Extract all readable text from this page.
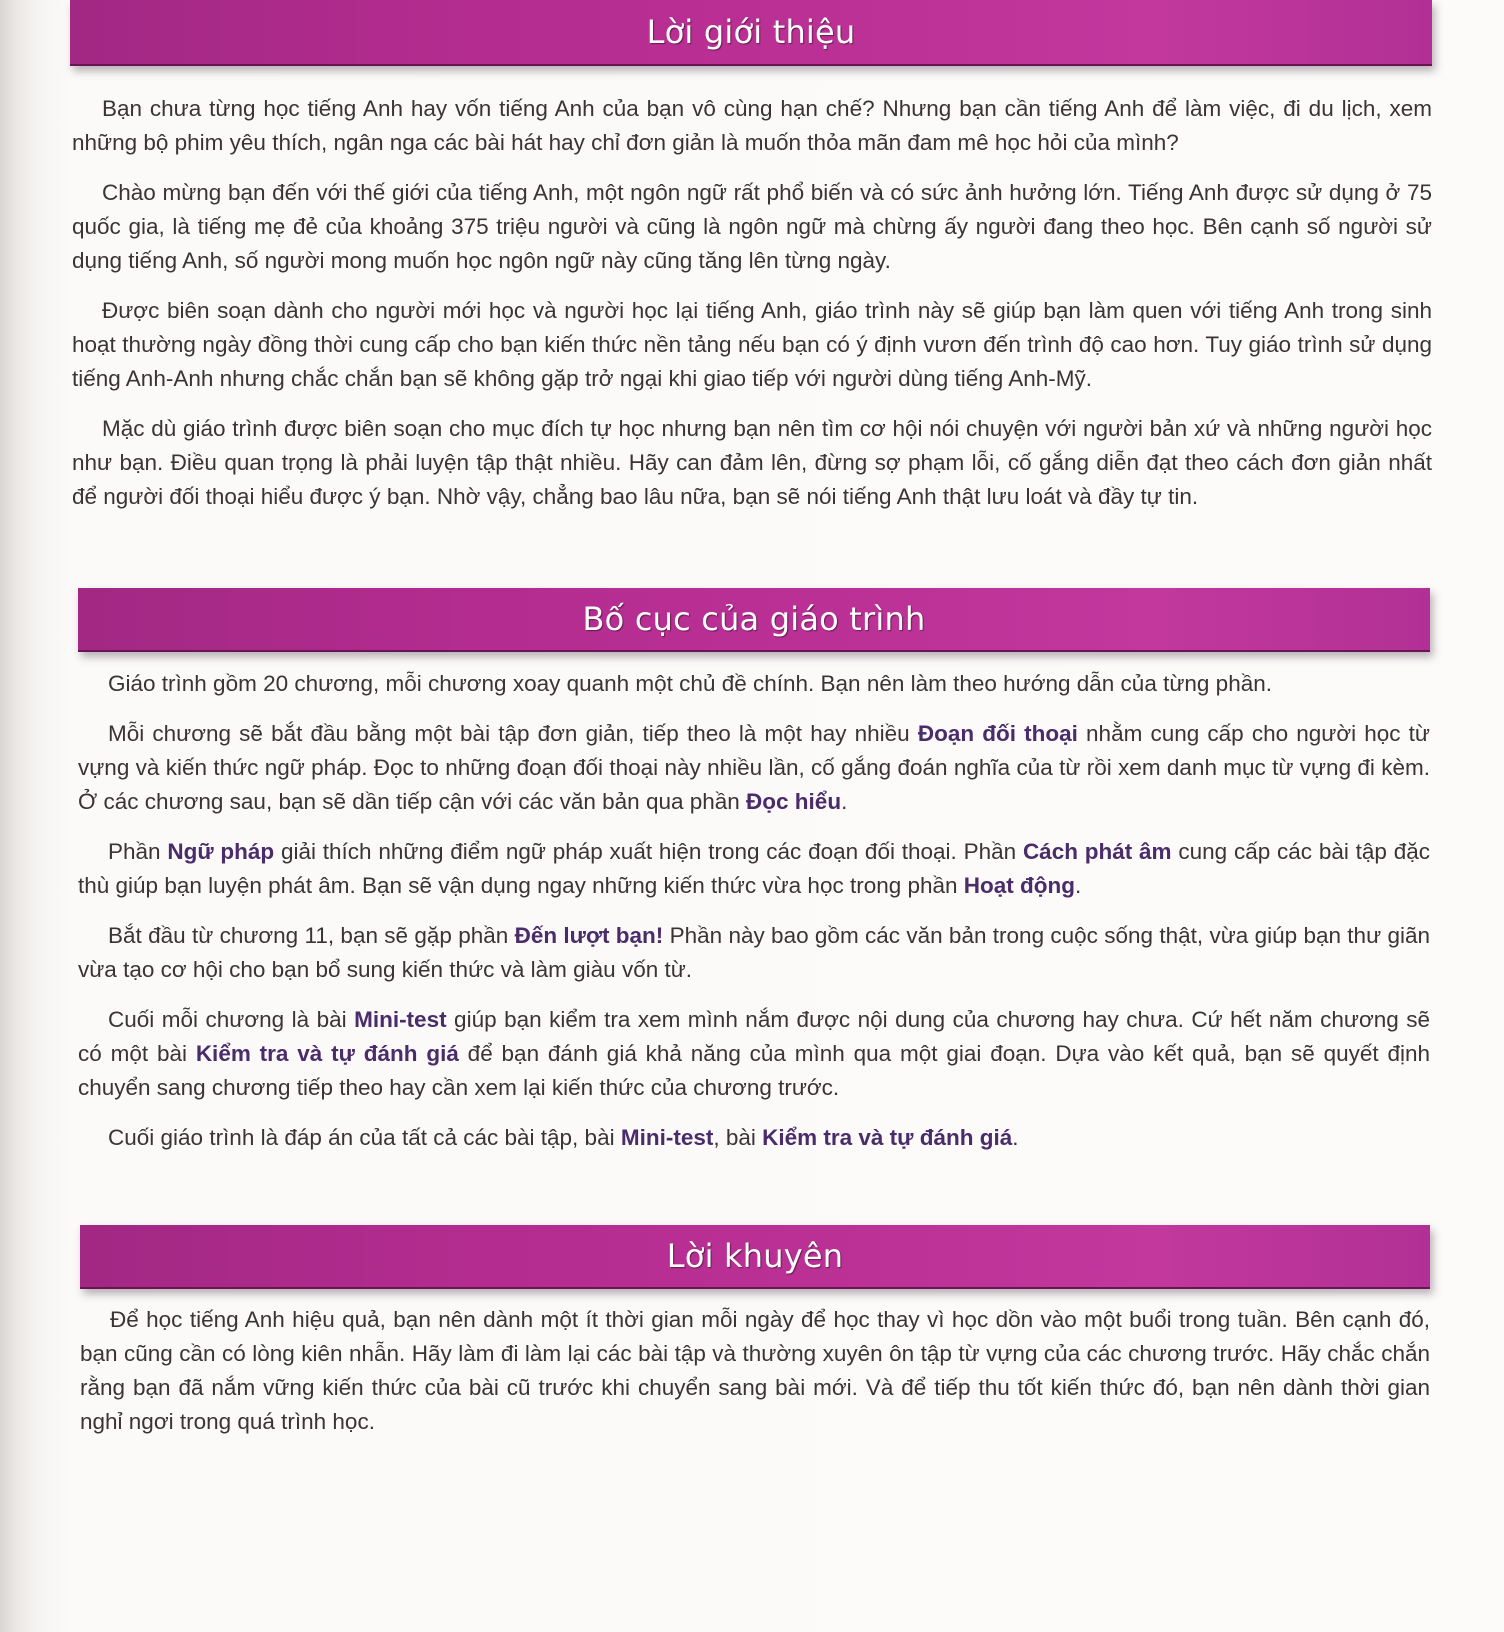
Lời giới thiệu

Bạn chưa từng học tiếng Anh hay vốn tiếng Anh của bạn vô cùng hạn chế? Nhưng bạn cần tiếng Anh để làm việc, đi du lịch, xem những bộ phim yêu thích, ngân nga các bài hát hay chỉ đơn giản là muốn thỏa mãn đam mê học hỏi của mình?

Chào mừng bạn đến với thế giới của tiếng Anh, một ngôn ngữ rất phổ biến và có sức ảnh hưởng lớn. Tiếng Anh được sử dụng ở 75 quốc gia, là tiếng mẹ đẻ của khoảng 375 triệu người và cũng là ngôn ngữ mà chừng ấy người đang theo học. Bên cạnh số người sử dụng tiếng Anh, số người mong muốn học ngôn ngữ này cũng tăng lên từng ngày.

Được biên soạn dành cho người mới học và người học lại tiếng Anh, giáo trình này sẽ giúp bạn làm quen với tiếng Anh trong sinh hoạt thường ngày đồng thời cung cấp cho bạn kiến thức nền tảng nếu bạn có ý định vươn đến trình độ cao hơn. Tuy giáo trình sử dụng tiếng Anh-Anh nhưng chắc chắn bạn sẽ không gặp trở ngại khi giao tiếp với người dùng tiếng Anh-Mỹ.

Mặc dù giáo trình được biên soạn cho mục đích tự học nhưng bạn nên tìm cơ hội nói chuyện với người bản xứ và những người học như bạn. Điều quan trọng là phải luyện tập thật nhiều. Hãy can đảm lên, đừng sợ phạm lỗi, cố gắng diễn đạt theo cách đơn giản nhất để người đối thoại hiểu được ý bạn. Nhờ vậy, chẳng bao lâu nữa, bạn sẽ nói tiếng Anh thật lưu loát và đầy tự tin.

Bố cục của giáo trình

Giáo trình gồm 20 chương, mỗi chương xoay quanh một chủ đề chính. Bạn nên làm theo hướng dẫn của từng phần.

Mỗi chương sẽ bắt đầu bằng một bài tập đơn giản, tiếp theo là một hay nhiều Đoạn đối thoại nhằm cung cấp cho người học từ vựng và kiến thức ngữ pháp. Đọc to những đoạn đối thoại này nhiều lần, cố gắng đoán nghĩa của từ rồi xem danh mục từ vựng đi kèm. Ở các chương sau, bạn sẽ dần tiếp cận với các văn bản qua phần Đọc hiểu.

Phần Ngữ pháp giải thích những điểm ngữ pháp xuất hiện trong các đoạn đối thoại. Phần Cách phát âm cung cấp các bài tập đặc thù giúp bạn luyện phát âm. Bạn sẽ vận dụng ngay những kiến thức vừa học trong phần Hoạt động.

Bắt đầu từ chương 11, bạn sẽ gặp phần Đến lượt bạn! Phần này bao gồm các văn bản trong cuộc sống thật, vừa giúp bạn thư giãn vừa tạo cơ hội cho bạn bổ sung kiến thức và làm giàu vốn từ.

Cuối mỗi chương là bài Mini-test giúp bạn kiểm tra xem mình nắm được nội dung của chương hay chưa. Cứ hết năm chương sẽ có một bài Kiểm tra và tự đánh giá để bạn đánh giá khả năng của mình qua một giai đoạn. Dựa vào kết quả, bạn sẽ quyết định chuyển sang chương tiếp theo hay cần xem lại kiến thức của chương trước.

Cuối giáo trình là đáp án của tất cả các bài tập, bài Mini-test, bài Kiểm tra và tự đánh giá.

Lời khuyên

Để học tiếng Anh hiệu quả, bạn nên dành một ít thời gian mỗi ngày để học thay vì học dồn vào một buổi trong tuần. Bên cạnh đó, bạn cũng cần có lòng kiên nhẫn. Hãy làm đi làm lại các bài tập và thường xuyên ôn tập từ vựng của các chương trước. Hãy chắc chắn rằng bạn đã nắm vững kiến thức của bài cũ trước khi chuyển sang bài mới. Và để tiếp thu tốt kiến thức đó, bạn nên dành thời gian nghỉ ngơi trong quá trình học.
